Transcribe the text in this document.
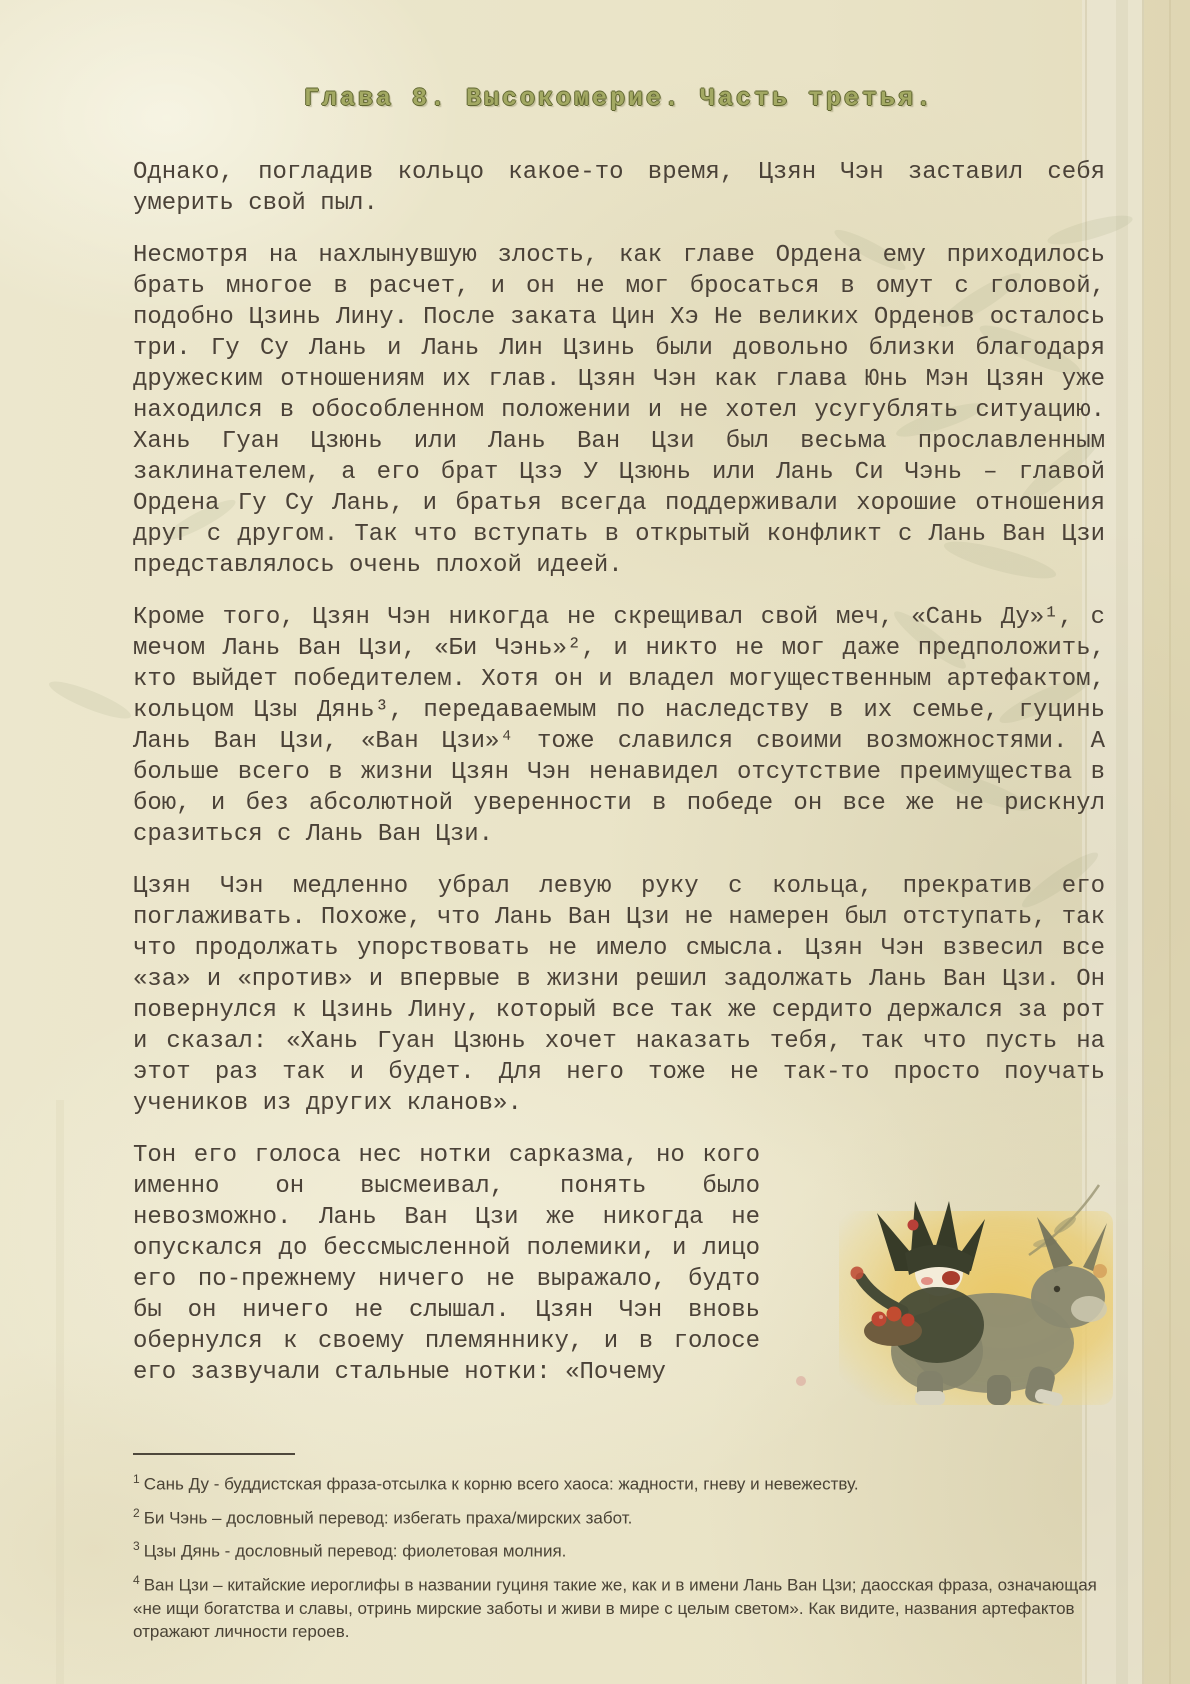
Глава 8. Высокомерие. Часть третья.

Однако, погладив кольцо какое-то время, Цзян Чэн заставил себя умерить свой пыл.

Несмотря на нахлынувшую злость, как главе Ордена ему приходилось брать многое в расчет, и он не мог бросаться в омут с головой, подобно Цзинь Лину. После заката Цин Хэ Не великих Орденов осталось три. Гу Су Лань и Лань Лин Цзинь были довольно близки благодаря дружеским отношениям их глав. Цзян Чэн как глава Юнь Мэн Цзян уже находился в обособленном положении и не хотел усугублять ситуацию. Хань Гуан Цзюнь или Лань Ван Цзи был весьма прославленным заклинателем, а его брат Цзэ У Цзюнь или Лань Си Чэнь – главой Ордена Гу Су Лань, и братья всегда поддерживали хорошие отношения друг с другом. Так что вступать в открытый конфликт с Лань Ван Цзи представлялось очень плохой идеей.

Кроме того, Цзян Чэн никогда не скрещивал свой меч, «Сань Ду»¹, с мечом Лань Ван Цзи, «Би Чэнь»², и никто не мог даже предположить, кто выйдет победителем. Хотя он и владел могущественным артефактом, кольцом Цзы Дянь³, передаваемым по наследству в их семье, гуцинь Лань Ван Цзи, «Ван Цзи»⁴ тоже славился своими возможностями. А больше всего в жизни Цзян Чэн ненавидел отсутствие преимущества в бою, и без абсолютной уверенности в победе он все же не рискнул сразиться с Лань Ван Цзи.

Цзян Чэн медленно убрал левую руку с кольца, прекратив его поглаживать. Похоже, что Лань Ван Цзи не намерен был отступать, так что продолжать упорствовать не имело смысла. Цзян Чэн взвесил все «за» и «против» и впервые в жизни решил задолжать Лань Ван Цзи. Он повернулся к Цзинь Лину, который все так же сердито держался за рот и сказал: «Хань Гуан Цзюнь хочет наказать тебя, так что пусть на этот раз так и будет. Для него тоже не так-то просто поучать учеников из других кланов».

Тон его голоса нес нотки сарказма, но кого именно он высмеивал, понять было невозможно. Лань Ван Цзи же никогда не опускался до бессмысленной полемики, и лицо его по-прежнему ничего не выражало, будто бы он ничего не слышал. Цзян Чэн вновь обернулся к своему племяннику, и в голосе его зазвучали стальные нотки: «Почему

$^1$ Сань Ду - буддистская фраза-отсылка к корню всего хаоса: жадности, гневу и невежеству.
$^2$ Би Чэнь – дословный перевод: избегать праха/мирских забот.
$^3$ Цзы Дянь - дословный перевод: фиолетовая молния.
$^4$ Ван Цзи – китайские иероглифы в названии гуциня такие же, как и в имени Лань Ван Цзи; даосская фраза, означающая «не ищи богатства и славы, отринь мирские заботы и живи в мире с целым светом». Как видите, названия артефактов отражают личности героев.
